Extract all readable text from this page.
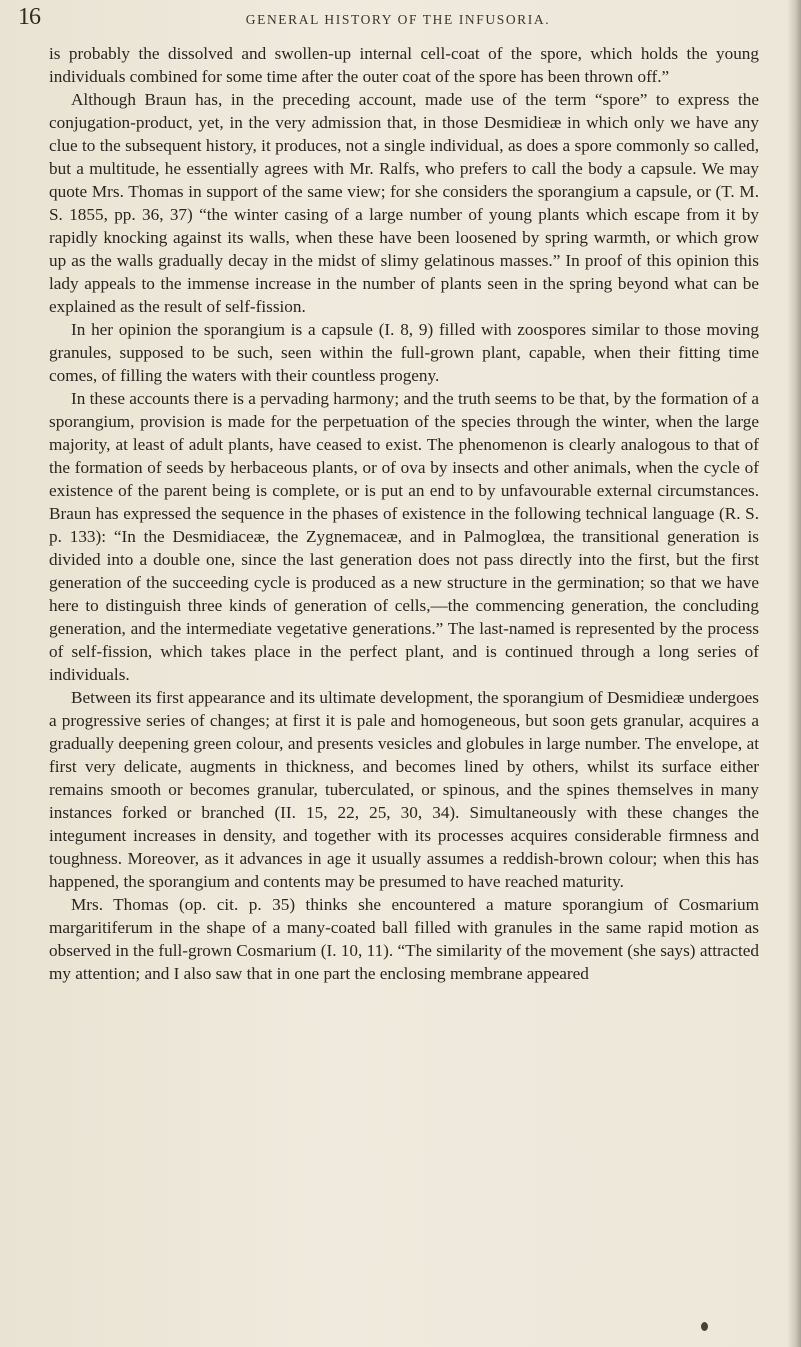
16	GENERAL HISTORY OF THE INFUSORIA.

is probably the dissolved and swollen-up internal cell-coat of the spore, which holds the young individuals combined for some time after the outer coat of the spore has been thrown off.”

Although Braun has, in the preceding account, made use of the term “spore” to express the conjugation-product, yet, in the very admission that, in those Desmidieæ in which only we have any clue to the subsequent history, it produces, not a single individual, as does a spore commonly so called, but a multitude, he essentially agrees with Mr. Ralfs, who prefers to call the body a capsule. We may quote Mrs. Thomas in support of the same view; for she considers the sporangium a capsule, or (T. M. S. 1855, pp. 36, 37) “the winter casing of a large number of young plants which escape from it by rapidly knocking against its walls, when these have been loosened by spring warmth, or which grow up as the walls gradually decay in the midst of slimy gelatinous masses.” In proof of this opinion this lady appeals to the immense increase in the number of plants seen in the spring beyond what can be explained as the result of self-fission.

In her opinion the sporangium is a capsule (I. 8, 9) filled with zoospores similar to those moving granules, supposed to be such, seen within the full-grown plant, capable, when their fitting time comes, of filling the waters with their countless progeny.

In these accounts there is a pervading harmony; and the truth seems to be that, by the formation of a sporangium, provision is made for the perpetuation of the species through the winter, when the large majority, at least of adult plants, have ceased to exist. The phenomenon is clearly analogous to that of the formation of seeds by herbaceous plants, or of ova by insects and other animals, when the cycle of existence of the parent being is complete, or is put an end to by unfavourable external circumstances. Braun has expressed the sequence in the phases of existence in the following technical language (R. S. p. 133): “In the Desmidiaceæ, the Zygnemaceæ, and in Palmoglœa, the transitional generation is divided into a double one, since the last generation does not pass directly into the first, but the first generation of the succeeding cycle is produced as a new structure in the germination; so that we have here to distinguish three kinds of generation of cells,—the commencing generation, the concluding generation, and the intermediate vegetative generations.” The last-named is represented by the process of self-fission, which takes place in the perfect plant, and is continued through a long series of individuals.

Between its first appearance and its ultimate development, the sporangium of Desmidieæ undergoes a progressive series of changes; at first it is pale and homogeneous, but soon gets granular, acquires a gradually deepening green colour, and presents vesicles and globules in large number. The envelope, at first very delicate, augments in thickness, and becomes lined by others, whilst its surface either remains smooth or becomes granular, tuberculated, or spinous, and the spines themselves in many instances forked or branched (II. 15, 22, 25, 30, 34). Simultaneously with these changes the integument increases in density, and together with its processes acquires considerable firmness and toughness. Moreover, as it advances in age it usually assumes a reddish-brown colour; when this has happened, the sporangium and contents may be presumed to have reached maturity.

Mrs. Thomas (op. cit. p. 35) thinks she encountered a mature sporangium of Cosmarium margaritiferum in the shape of a many-coated ball filled with granules in the same rapid motion as observed in the full-grown Cosmarium (I. 10, 11). “The similarity of the movement (she says) attracted my attention; and I also saw that in one part the enclosing membrane appeared
